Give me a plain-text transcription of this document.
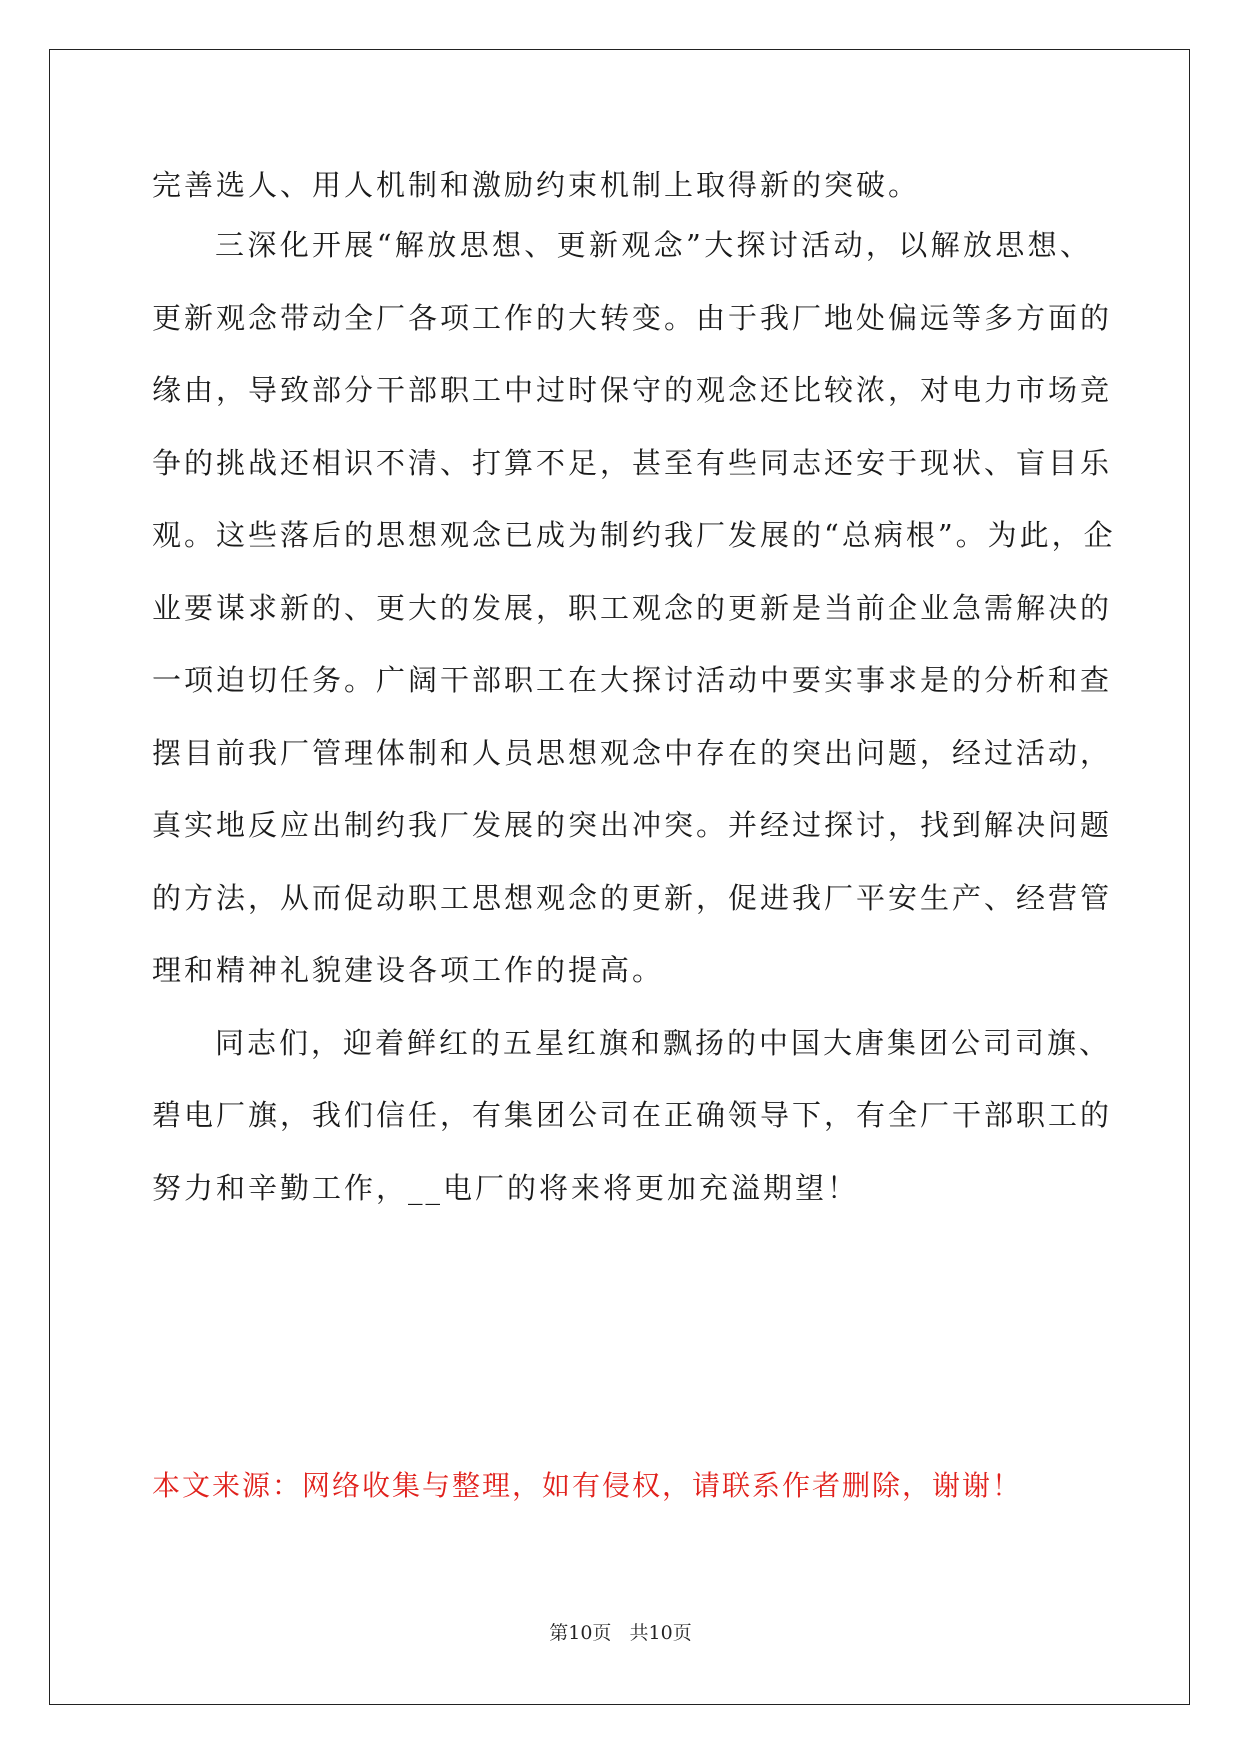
完善选人、用人机制和激励约束机制上取得新的突破。
三深化开展“解放思想、更新观念”大探讨活动，以解放思想、
更新观念带动全厂各项工作的大转变。由于我厂地处偏远等多方面的
缘由，导致部分干部职工中过时保守的观念还比较浓，对电力市场竞
争的挑战还相识不清、打算不足，甚至有些同志还安于现状、盲目乐
观。这些落后的思想观念已成为制约我厂发展的“总病根”。为此，企
业要谋求新的、更大的发展，职工观念的更新是当前企业急需解决的
一项迫切任务。广阔干部职工在大探讨活动中要实事求是的分析和查
摆目前我厂管理体制和人员思想观念中存在的突出问题，经过活动，
真实地反应出制约我厂发展的突出冲突。并经过探讨，找到解决问题
的方法，从而促动职工思想观念的更新，促进我厂平安生产、经营管
理和精神礼貌建设各项工作的提高。
同志们，迎着鲜红的五星红旗和飘扬的中国大唐集团公司司旗、
碧电厂旗，我们信任，有集团公司在正确领导下，有全厂干部职工的
努力和辛勤工作，__电厂的将来将更加充溢期望！
本文来源：网络收集与整理，如有侵权，请联系作者删除，谢谢！
第10页   共10页
